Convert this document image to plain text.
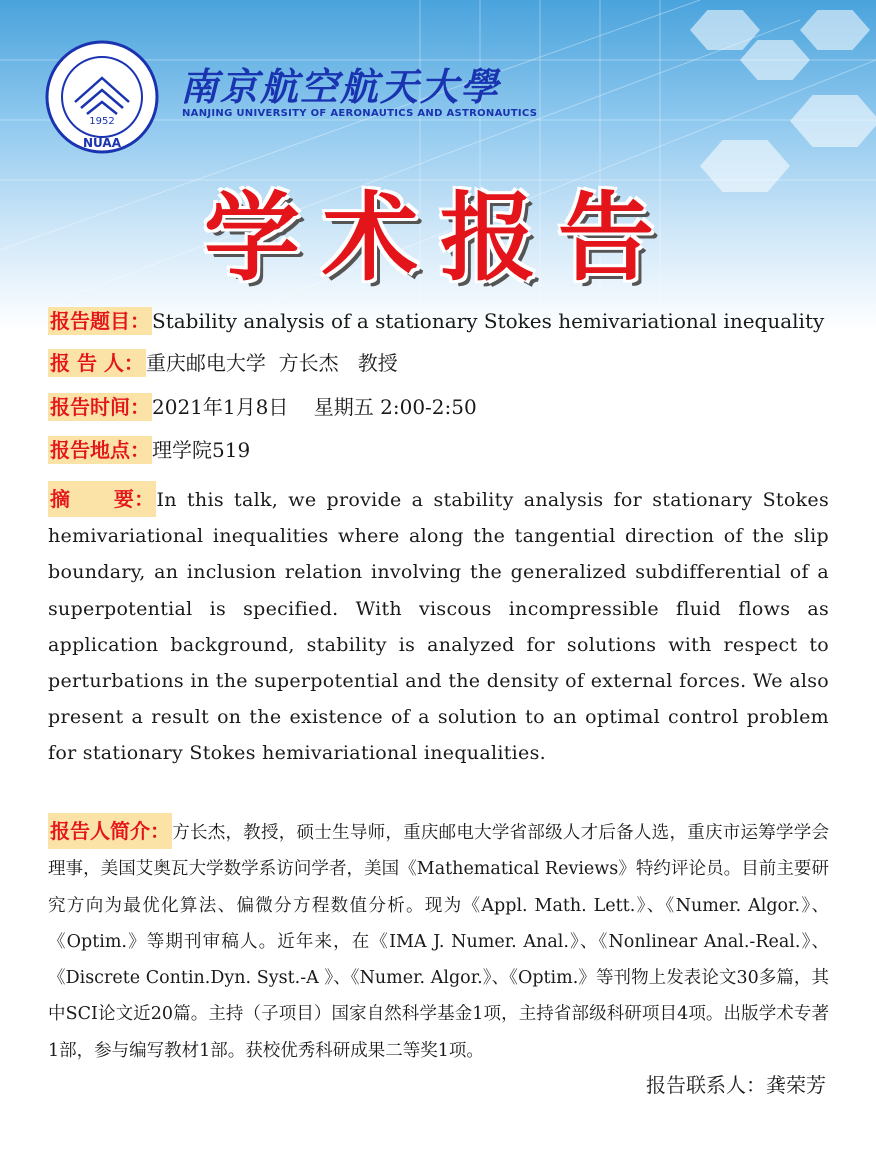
1952
NUAA
南京航空航天大學
NANJING UNIVERSITY OF AERONAUTICS AND ASTRONAUTICS
学术报告
报告题目： Stability analysis of a stationary Stokes hemivariational inequality
报 告 人： 重庆邮电大学  方长杰   教授
报告时间： 2021年1月8日    星期五 2:00-2:50
报告地点： 理学院519
摘      要： In this talk, we provide a stability analysis for stationary Stokes hemivariational inequalities where along the tangential direction of the slip boundary, an inclusion relation involving the generalized subdifferential of a superpotential is specified. With viscous incompressible fluid flows as application background, stability is analyzed for solutions with respect to perturbations in the superpotential and the density of external forces. We also present a result on the existence of a solution to an optimal control problem for stationary Stokes hemivariational inequalities.
报告人简介： 方长杰，教授，硕士生导师，重庆邮电大学省部级人才后备人选，重庆市运筹学学会理事，美国艾奥瓦大学数学系访问学者，美国《Mathematical Reviews》特约评论员。目前主要研究方向为最优化算法、偏微分方程数值分析。现为《Appl. Math. Lett.》、《Numer. Algor.》、《Optim.》等期刊审稿人。近年来，在《IMA J. Numer. Anal.》、《Nonlinear Anal.-Real.》、《Discrete Contin.Dyn. Syst.-A 》、《Numer. Algor.》、《Optim.》等刊物上发表论文30多篇，其中SCI论文近20篇。主持（子项目）国家自然科学基金1项，主持省部级科研项目4项。出版学术专著1部，参与编写教材1部。获校优秀科研成果二等奖1项。
报告联系人：龚荣芳
